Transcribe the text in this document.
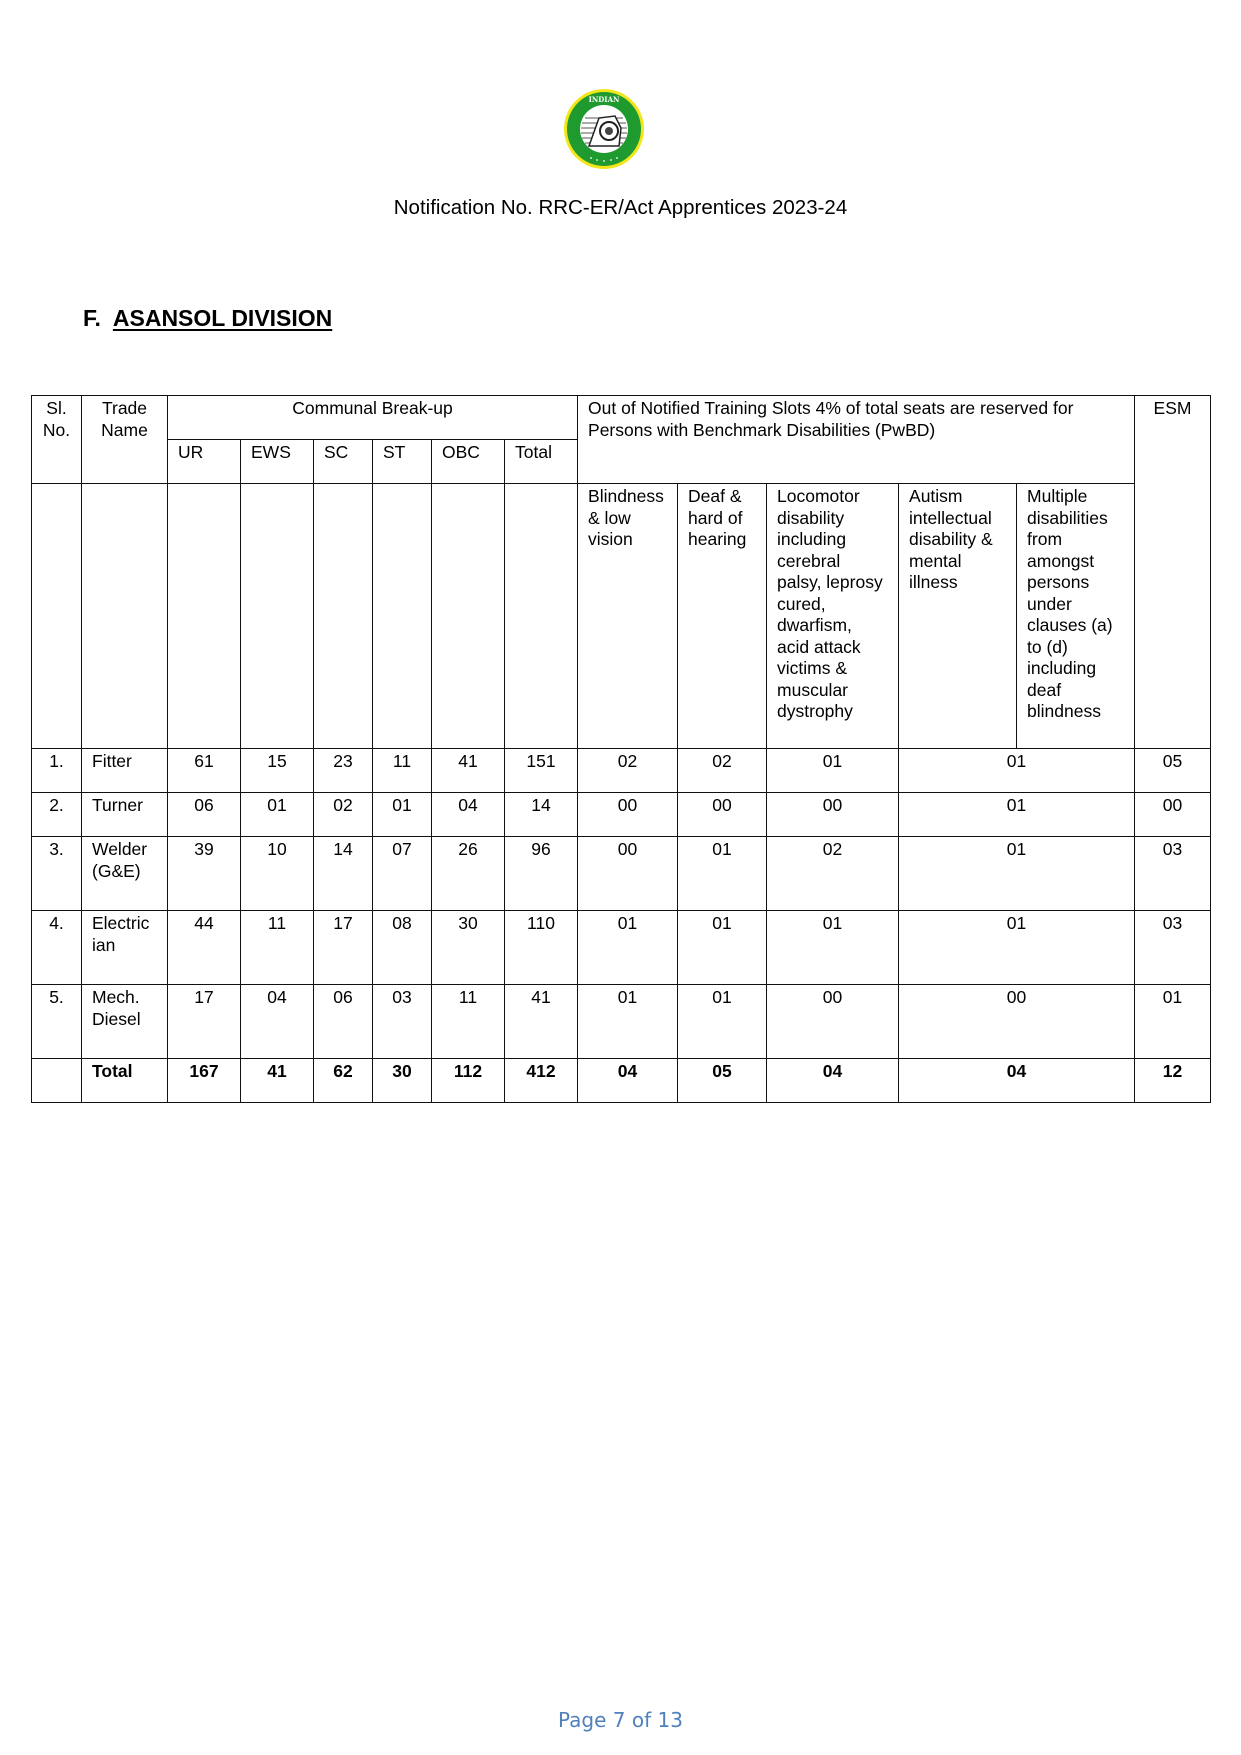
INDIAN
Notification No. RRC-ER/Act Apprentices 2023-24
F. ASANSOL DIVISION
Sl. No.	Trade Name	Communal Break-up						Out of Notified Training Slots 4% of total seats are reserved for Persons with Benchmark Disabilities (PwBD)					ESM
		UR	EWS	SC	ST	OBC	Total						
								Blindness & low vision	Deaf & hard of hearing	Locomotor disability including cerebral palsy, leprosy cured, dwarfism, acid attack victims & muscular dystrophy	Autism intellectual disability & mental illness	Multiple disabilities from amongst persons under clauses (a) to (d) including deaf blindness	
1.	Fitter	61	15	23	11	41	151	02	02	01	01		05
2.	Turner	06	01	02	01	04	14	00	00	00	01		00
3.	Welder (G&E)	39	10	14	07	26	96	00	01	02	01		03
4.	Electric ian	44	11	17	08	30	110	01	01	01	01		03
5.	Mech. Diesel	17	04	06	03	11	41	01	01	00	00		01
	Total	167	41	62	30	112	412	04	05	04	04		12
Page 7 of 13
